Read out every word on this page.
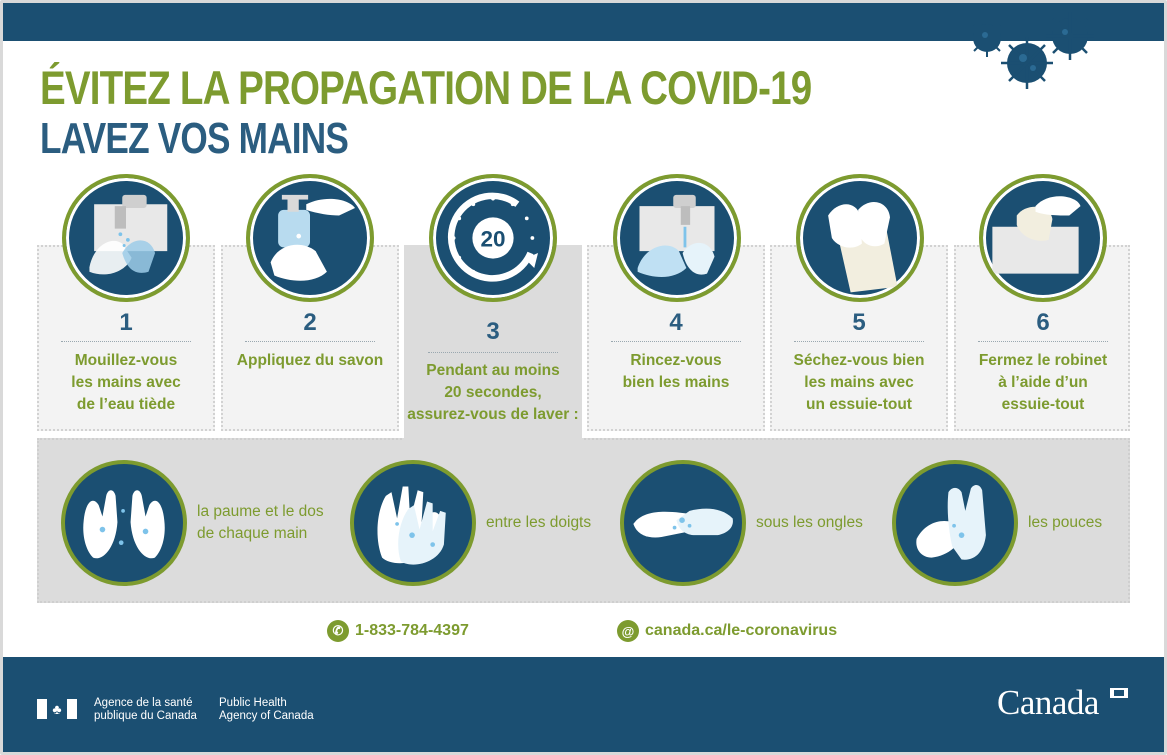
ÉVITEZ LA PROPAGATION DE LA COVID-19
LAVEZ VOS MAINS
20
1	2	3	4	5	6
Mouillez-vous
les mains avec
de l’eau tiède
Appliquez du savon
Pendant au moins
20 secondes,
assurez-vous de laver :
Rincez-vous
bien les mains
Séchez-vous bien
les mains avec
un essuie-tout
Fermez le robinet
à l’aide d’un
essuie-tout
la paume et le dos
de chaque main
entre les doigts	sous les ongles	les pouces
✆ 1-833-784-4397	@ canada.ca/le-coronavirus
♣	Agence de la santé
publique du Canada
Public Health
Agency of Canada	Canada
